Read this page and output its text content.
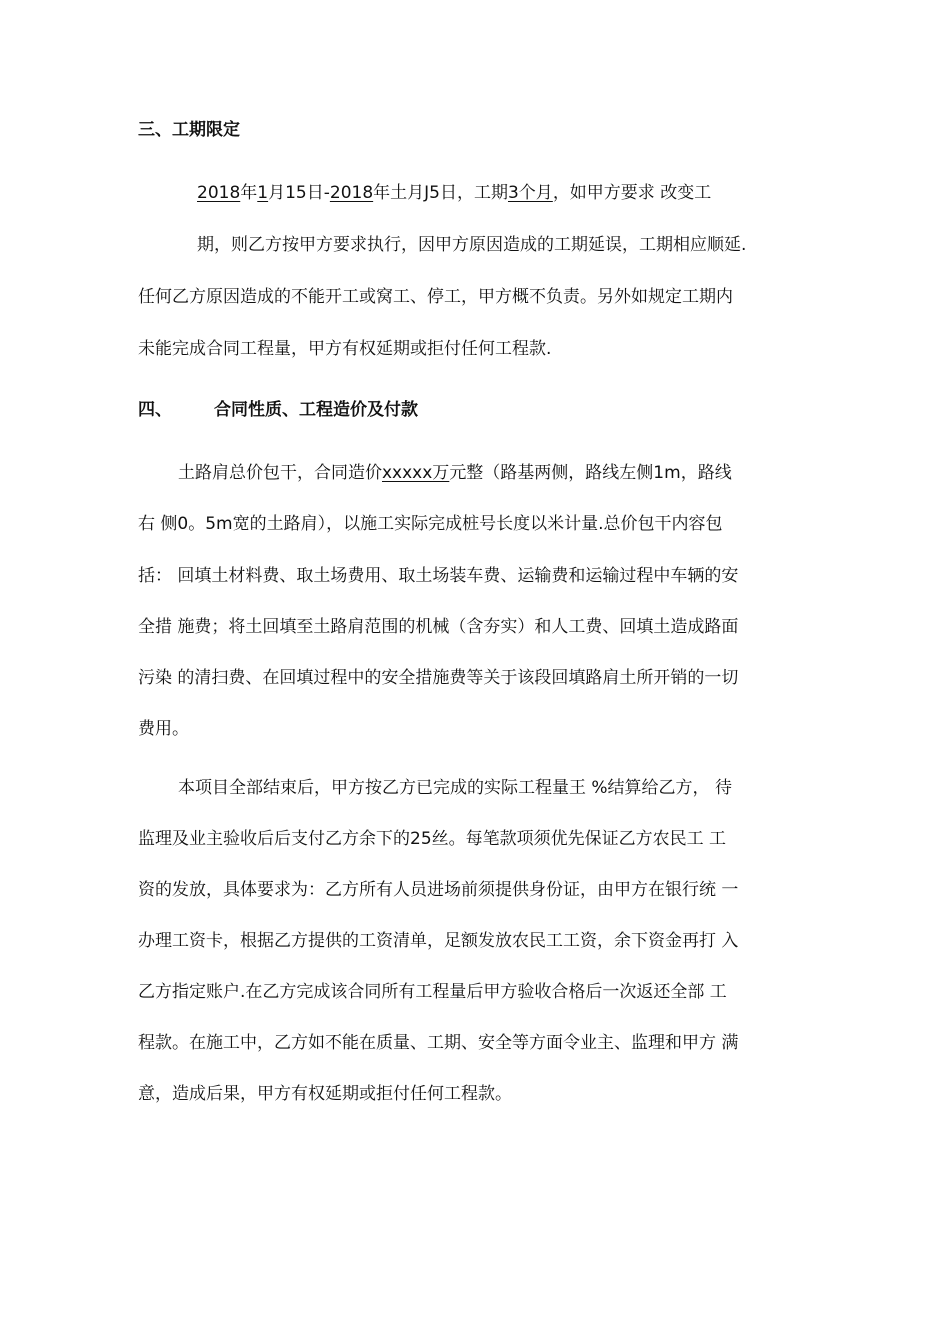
三、工期限定
2018年1月15日-2018年土月J5日，工期3个月，如甲方要求 改变工
期，则乙方按甲方要求执行，因甲方原因造成的工期延误，工期相应顺延.
任何乙方原因造成的不能开工或窝工、停工，甲方概不负责。另外如规定工期内
未能完成合同工程量，甲方有权延期或拒付任何工程款.
四、	合同性质、工程造价及付款
土路肩总价包干，合同造价xxxxx万元整（路基两侧，路线左侧1m，路线
右 侧0。5m宽的土路肩），以施工实际完成桩号长度以米计量.总价包干内容包
括： 回填土材料费、取土场费用、取土场装车费、运输费和运输过程中车辆的安
全措 施费；将土回填至土路肩范围的机械（含夯实）和人工费、回填土造成路面
污染 的清扫费、在回填过程中的安全措施费等关于该段回填路肩土所开销的一切
费用。
本项目全部结束后，甲方按乙方已完成的实际工程量王 %结算给乙方， 待
监理及业主验收后后支付乙方余下的25丝。每笔款项须优先保证乙方农民工 工
资的发放，具体要求为：乙方所有人员进场前须提供身份证，由甲方在银行统 一
办理工资卡，根据乙方提供的工资清单，足额发放农民工工资，余下资金再打 入
乙方指定账户.在乙方完成该合同所有工程量后甲方验收合格后一次返还全部 工
程款。在施工中，乙方如不能在质量、工期、安全等方面令业主、监理和甲方 满
意，造成后果，甲方有权延期或拒付任何工程款。
